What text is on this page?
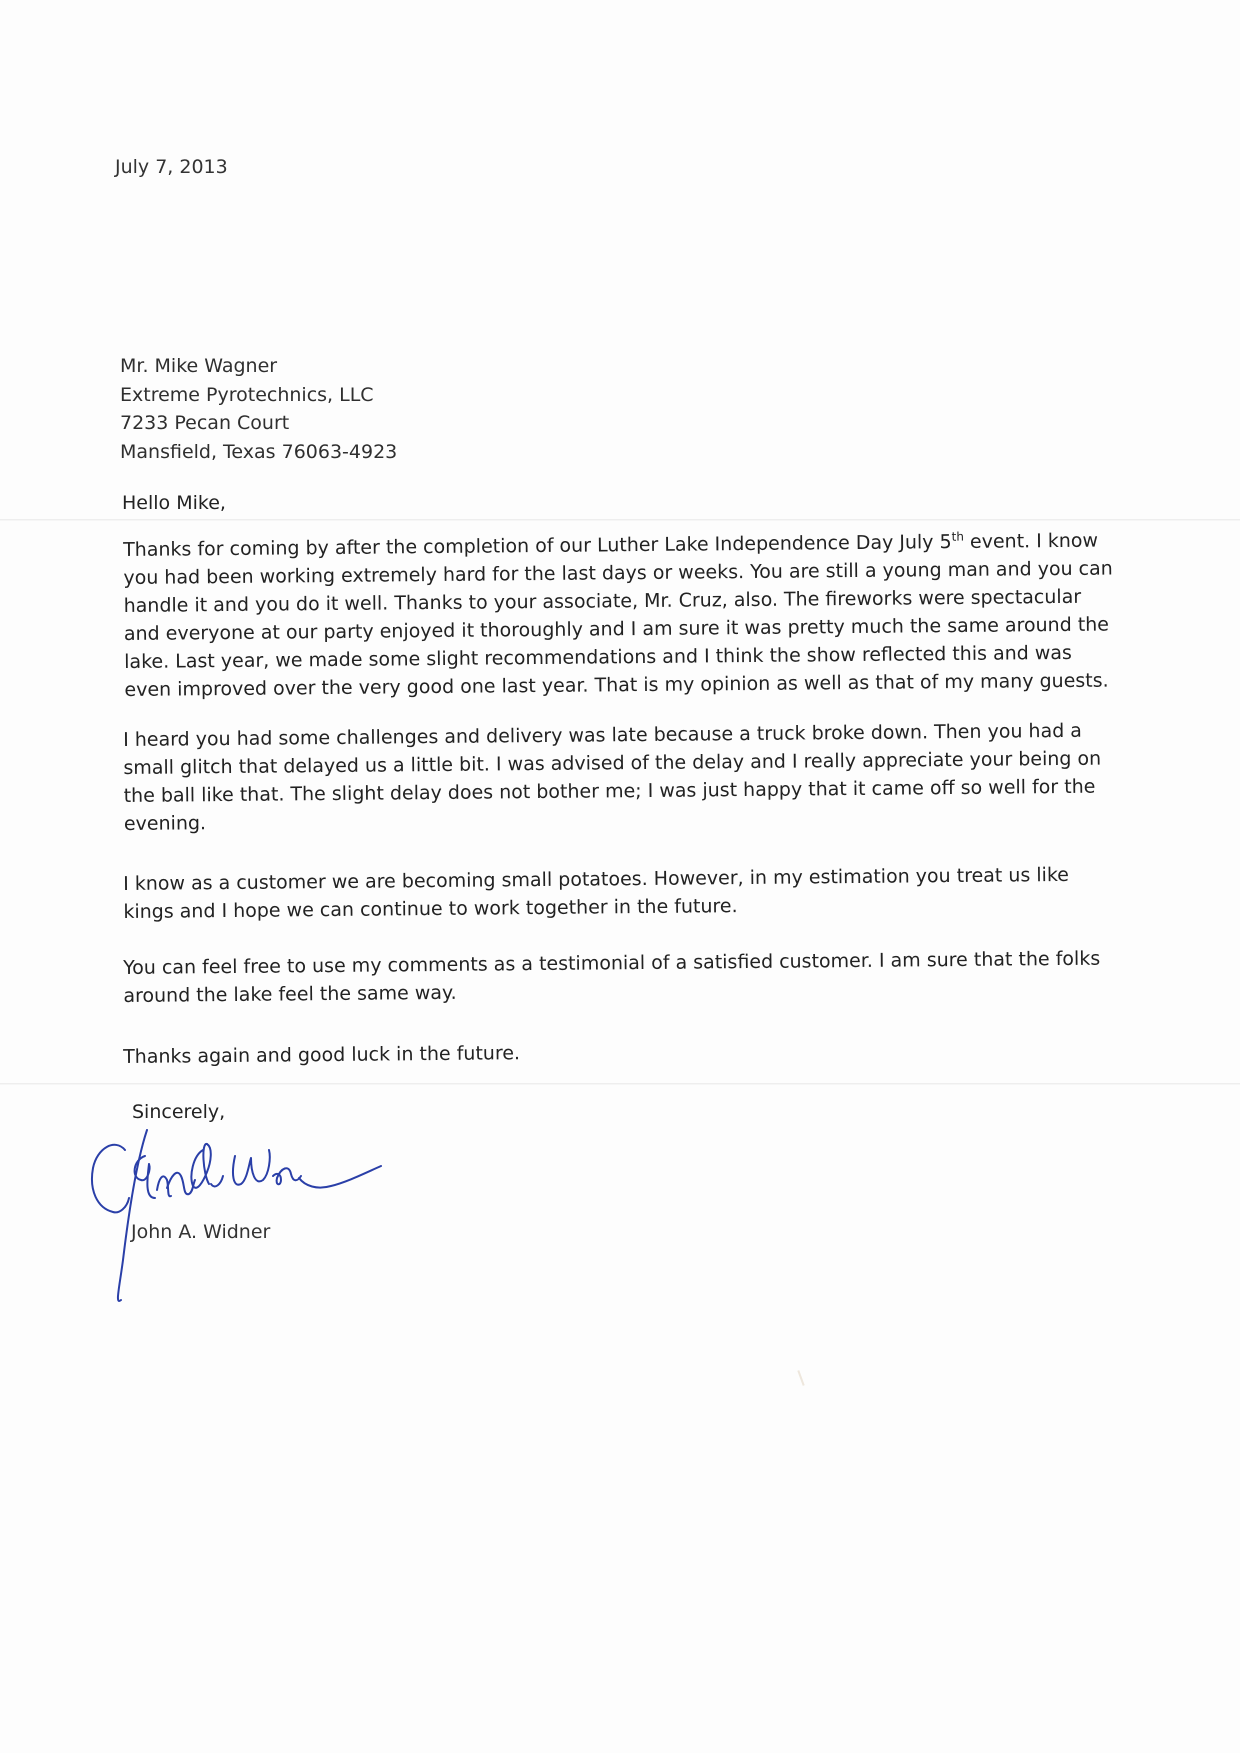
July 7, 2013
Mr. Mike Wagner
Extreme Pyrotechnics, LLC
7233 Pecan Court
Mansfield, Texas 76063-4923
Hello Mike,
Thanks for coming by after the completion of our Luther Lake Independence Day July 5th event. I know
you had been working extremely hard for the last days or weeks. You are still a young man and you can
handle it and you do it well. Thanks to your associate, Mr. Cruz, also. The fireworks were spectacular
and everyone at our party enjoyed it thoroughly and I am sure it was pretty much the same around the
lake. Last year, we made some slight recommendations and I think the show reflected this and was
even improved over the very good one last year. That is my opinion as well as that of my many guests.
I heard you had some challenges and delivery was late because a truck broke down. Then you had a
small glitch that delayed us a little bit. I was advised of the delay and I really appreciate your being on
the ball like that. The slight delay does not bother me; I was just happy that it came off so well for the
evening.
I know as a customer we are becoming small potatoes. However, in my estimation you treat us like
kings and I hope we can continue to work together in the future.
You can feel free to use my comments as a testimonial of a satisfied customer. I am sure that the folks
around the lake feel the same way.
Thanks again and good luck in the future.
Sincerely,
John A. Widner
